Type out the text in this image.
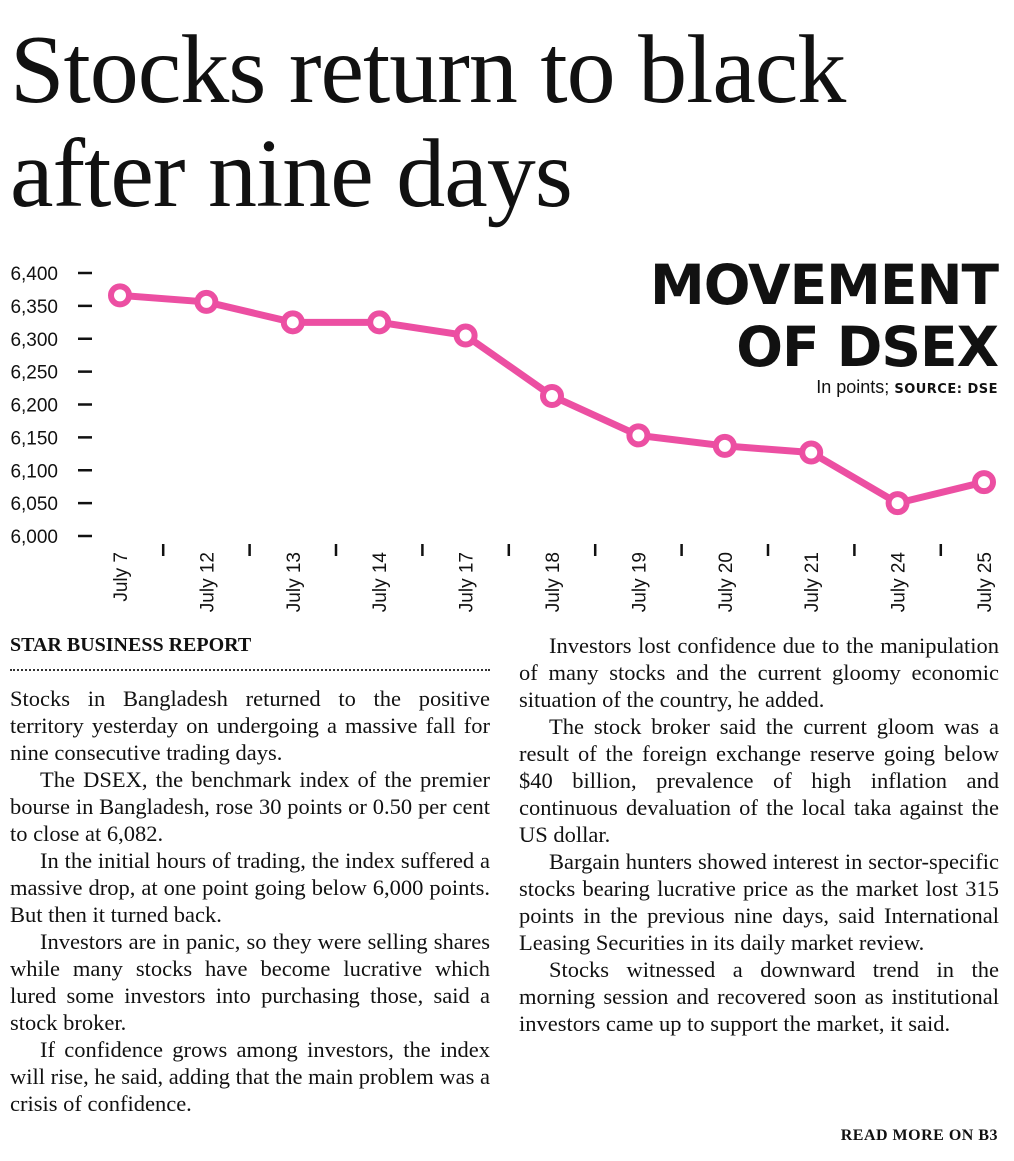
Stocks return to black
after nine days
6,000
6,050
6,100
6,150
6,200
6,250
6,300
6,350
6,400
July 7	July 12	July 13	July 14	July 17	July 18	July 19	July 20	July 21	July 24	July 25
MOVEMENT
OF DSEX
In points; SOURCE: DSE

STAR BUSINESS REPORT

Stocks in Bangladesh returned to the positive territory yesterday on undergoing a massive fall for nine consecutive trading days.

The DSEX, the benchmark index of the premier bourse in Bangladesh, rose 30 points or 0.50 per cent to close at 6,082.

In the initial hours of trading, the index suffered a massive drop, at one point going below 6,000 points. But then it turned back.

Investors are in panic, so they were selling shares while many stocks have become lucrative which lured some investors into purchasing those, said a stock broker.

If confidence grows among investors, the index will rise, he said, adding that the main problem was a crisis of confidence.

Investors lost confidence due to the manipulation of many stocks and the current gloomy economic situation of the country, he added.

The stock broker said the current gloom was a result of the foreign exchange reserve going below $40 billion, prevalence of high inflation and continuous devaluation of the local taka against the US dollar.

Bargain hunters showed interest in sector-specific stocks bearing lucrative price as the market lost 315 points in the previous nine days, said International Leasing Securities in its daily market review.

Stocks witnessed a downward trend in the morning session and recovered soon as institutional investors came up to support the market, it said.

READ MORE ON B3
